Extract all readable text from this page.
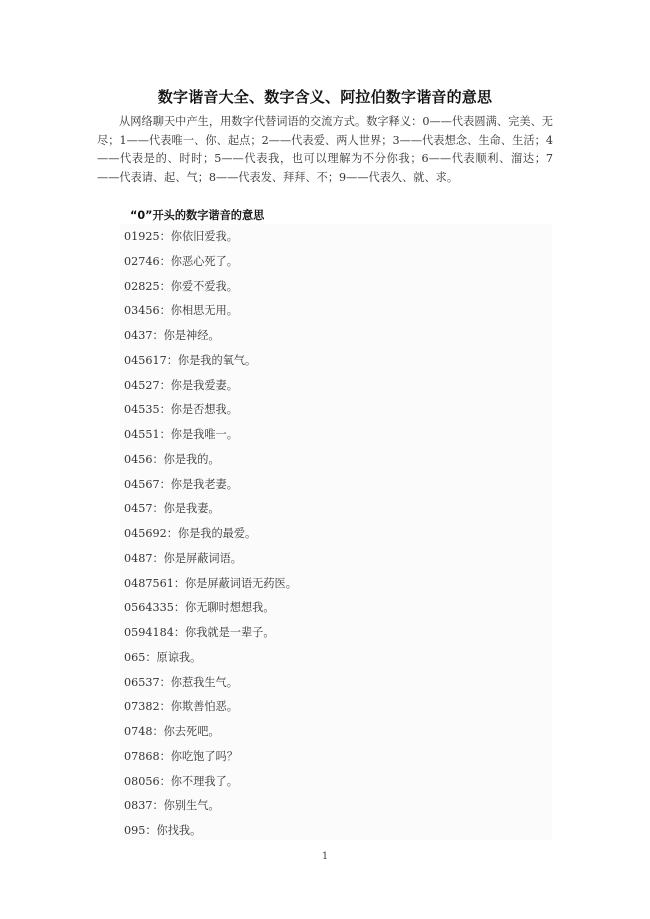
数字谐音大全、数字含义、阿拉伯数字谐音的意思
从网络聊天中产生，用数字代替词语的交流方式。数字释义：0——代表圆满、完美、无尽；1——代表唯一、你、起点；2——代表爱、两人世界；3——代表想念、生命、生活；4——代表是的、时时；5——代表我，也可以理解为不分你我；6——代表顺利、溜达；7——代表请、起、气；8——代表发、拜拜、不；9——代表久、就、求。
“0”开头的数字谐音的意思
01925：你依旧爱我。
02746：你恶心死了。
02825：你爱不爱我。
03456：你相思无用。
0437：你是神经。
045617：你是我的氧气。
04527：你是我爱妻。
04535：你是否想我。
04551：你是我唯一。
0456：你是我的。
04567：你是我老妻。
0457：你是我妻。
045692：你是我的最爱。
0487：你是屏蔽词语。
0487561：你是屏蔽词语无药医。
0564335：你无聊时想想我。
0594184：你我就是一辈子。
065：原谅我。
06537：你惹我生气。
07382：你欺善怕恶。
0748：你去死吧。
07868：你吃饱了吗？
08056：你不理我了。
0837：你别生气。
095：你找我。
1
